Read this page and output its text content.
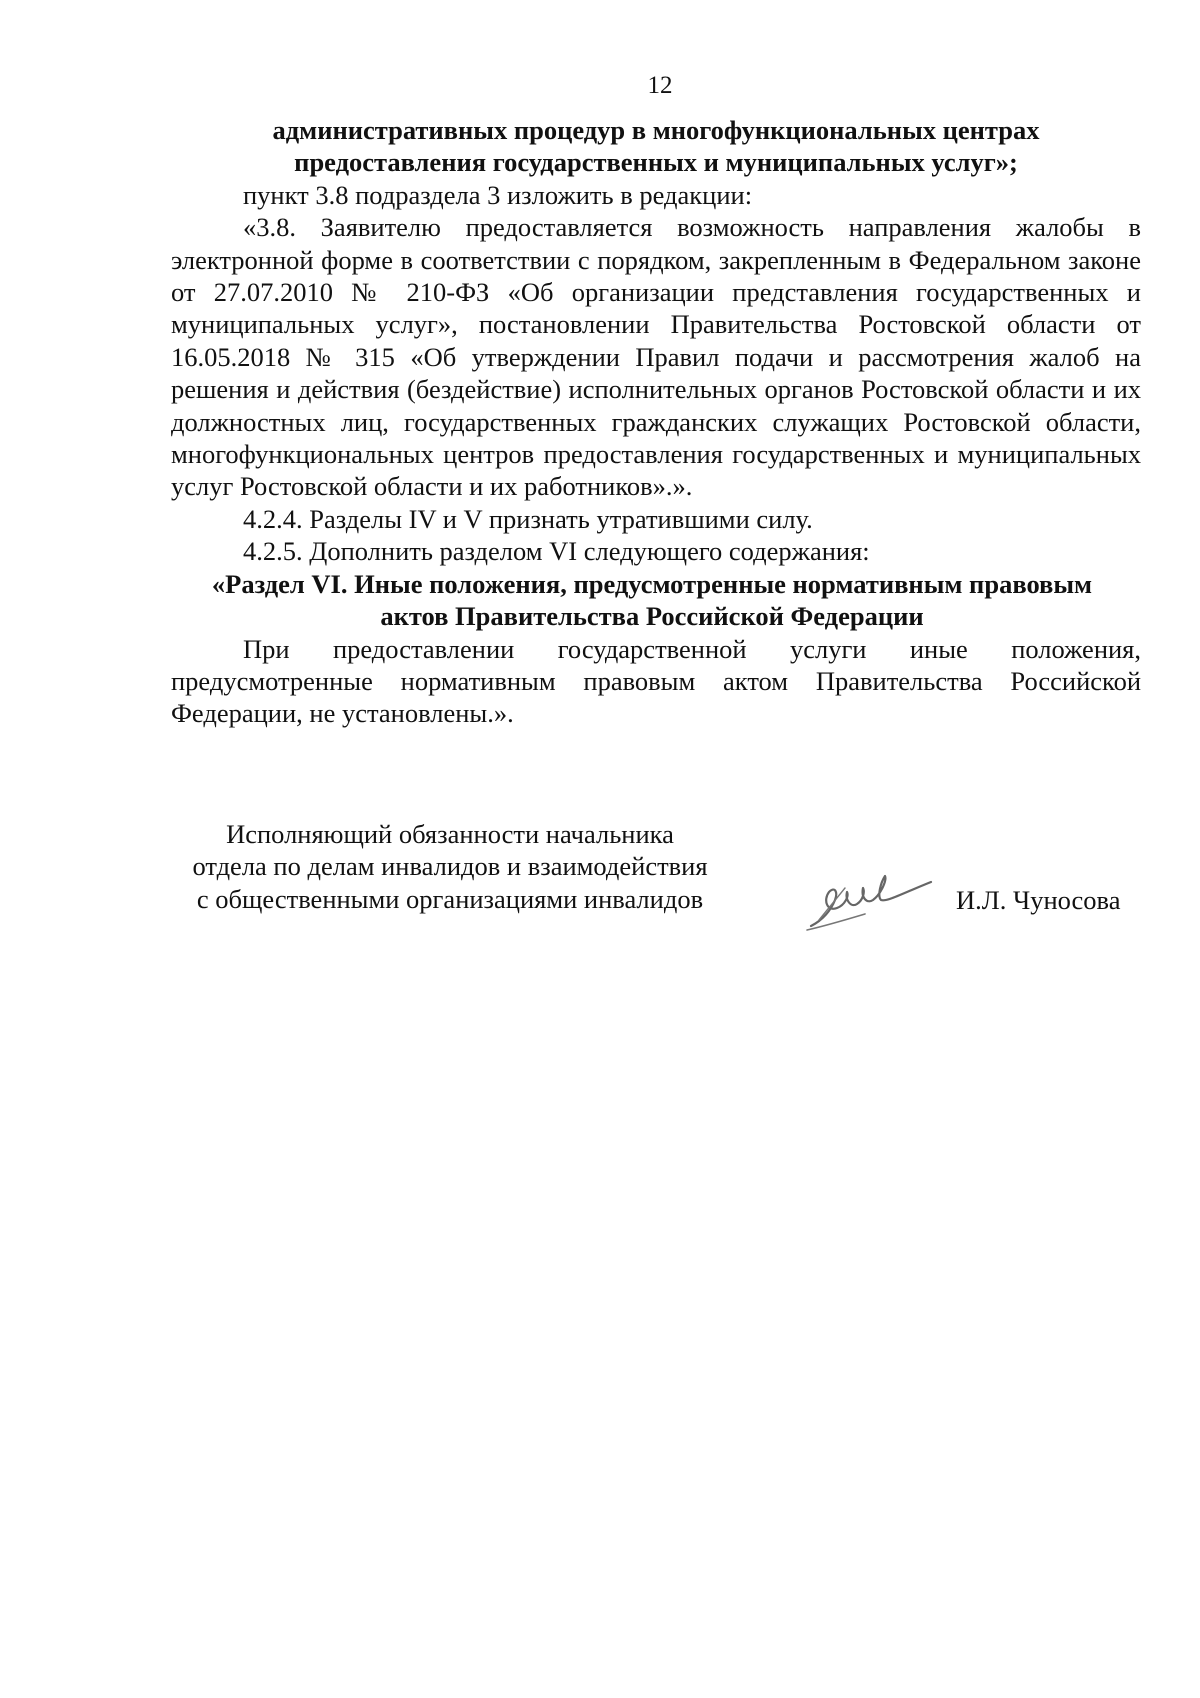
12
административных процедур в многофункциональных центрах
предоставления государственных и муниципальных услуг»;
пункт 3.8 подраздела 3 изложить в редакции:

«3.8. Заявителю предоставляется возможность направления жалобы в электронной форме в соответствии с порядком, закрепленным в Федеральном законе от 27.07.2010 № 210-ФЗ «Об организации представления государственных и муниципальных услуг», постановлении Правительства Ростовской области от 16.05.2018 № 315 «Об утверждении Правил подачи и рассмотрения жалоб на решения и действия (бездействие) исполнительных органов Ростовской области и их должностных лиц, государственных гражданских служащих Ростовской области, многофункциональных центров предоставления государственных и муниципальных услуг Ростовской области и их работников».».

4.2.4. Разделы IV и V признать утратившими силу.
4.2.5. Дополнить разделом VI следующего содержания:
«Раздел VI. Иные положения, предусмотренные нормативным правовым
актов Правительства Российской Федерации

При предоставлении государственной услуги иные положения, предусмотренные нормативным правовым актом Правительства Российской Федерации, не установлены.».

Исполняющий обязанности начальника
отдела по делам инвалидов и взаимодействия
с общественными организациями инвалидов	И.Л. Чуносова
